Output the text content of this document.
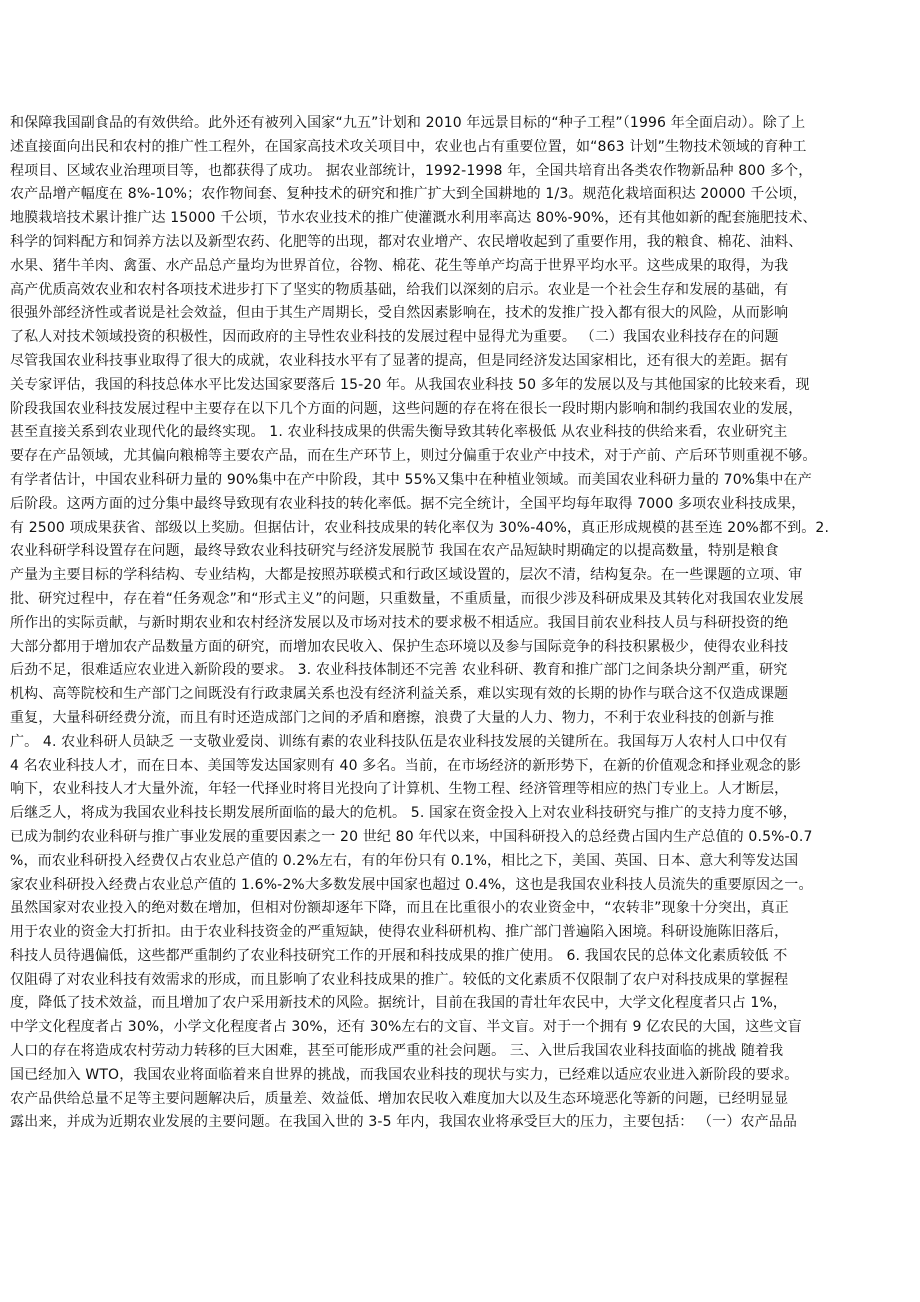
和保障我国副食品的有效供给。此外还有被列入国家“九五”计划和 2010 年远景目标的“种子工程”（1996 年全面启动）。除了上
述直接面向出民和农村的推广性工程外，在国家高技术攻关项目中，农业也占有重要位置，如“863 计划”生物技术领域的育种工
程项目、区域农业治理项目等，也都获得了成功。 据农业部统计，1992-1998 年，全国共培育出各类农作物新品种 800 多个，
农产品增产幅度在 8%-10%；农作物间套、复种技术的研究和推广扩大到全国耕地的 1/3。规范化栽培面积达 20000 千公顷，
地膜栽培技术累计推广达 15000 千公顷，节水农业技术的推广使灌溉水利用率高达 80%-90%，还有其他如新的配套施肥技术、
科学的饲料配方和饲养方法以及新型农药、化肥等的出现，都对农业增产、农民增收起到了重要作用，我的粮食、棉花、油料、
水果、猪牛羊肉、禽蛋、水产品总产量均为世界首位，谷物、棉花、花生等单产均高于世界平均水平。这些成果的取得，为我
高产优质高效农业和农村各项技术进步打下了坚实的物质基础，给我们以深刻的启示。农业是一个社会生存和发展的基础，有
很强外部经济性或者说是社会效益，但由于其生产周期长，受自然因素影响在，技术的发推广投入都有很大的风险，从而影响
了私人对技术领域投资的积极性，因而政府的主导性农业科技的发展过程中显得尤为重要。 （二）我国农业科技存在的问题
尽管我国农业科技事业取得了很大的成就，农业科技水平有了显著的提高，但是同经济发达国家相比，还有很大的差距。据有
关专家评估，我国的科技总体水平比发达国家要落后 15-20 年。从我国农业科技 50 多年的发展以及与其他国家的比较来看，现
阶段我国农业科技发展过程中主要存在以下几个方面的问题，这些问题的存在将在很长一段时期内影响和制约我国农业的发展，
甚至直接关系到农业现代化的最终实现。 1. 农业科技成果的供需失衡导致其转化率极低 从农业科技的供给来看，农业研究主
要存在产品领域，尤其偏向粮棉等主要农产品，而在生产环节上，则过分偏重于农业产中技术，对于产前、产后环节则重视不够。
有学者估计，中国农业科研力量的 90%集中在产中阶段，其中 55%又集中在种植业领域。而美国农业科研力量的 70%集中在产
后阶段。这两方面的过分集中最终导致现有农业科技的转化率低。据不完全统计，全国平均每年取得 7000 多项农业科技成果，
有 2500 项成果获省、部级以上奖励。但据估计，农业科技成果的转化率仅为 30%-40%，真正形成规模的甚至连 20%都不到。2.
农业科研学科设置存在问题，最终导致农业科技研究与经济发展脱节 我国在农产品短缺时期确定的以提高数量，特别是粮食
产量为主要目标的学科结构、专业结构，大都是按照苏联模式和行政区域设置的，层次不清，结构复杂。在一些课题的立项、审
批、研究过程中，存在着“任务观念”和“形式主义”的问题，只重数量，不重质量，而很少涉及科研成果及其转化对我国农业发展
所作出的实际贡献，与新时期农业和农村经济发展以及市场对技术的要求极不相适应。我国目前农业科技人员与科研投资的绝
大部分都用于增加农产品数量方面的研究，而增加农民收入、保护生态环境以及参与国际竞争的科技积累极少，使得农业科技
后劲不足，很难适应农业进入新阶段的要求。 3. 农业科技体制还不完善 农业科研、教育和推广部门之间条块分割严重，研究
机构、高等院校和生产部门之间既没有行政隶属关系也没有经济利益关系，难以实现有效的长期的协作与联合这不仅造成课题
重复，大量科研经费分流，而且有时还造成部门之间的矛盾和磨擦，浪费了大量的人力、物力，不利于农业科技的创新与推
广。 4. 农业科研人员缺乏 一支敬业爱岗、训练有素的农业科技队伍是农业科技发展的关键所在。我国每万人农村人口中仅有
4 名农业科技人才，而在日本、美国等发达国家则有 40 多名。当前，在市场经济的新形势下，在新的价值观念和择业观念的影
响下，农业科技人才大量外流，年轻一代择业时将目光投向了计算机、生物工程、经济管理等相应的热门专业上。人才断层，
后继乏人，将成为我国农业科技长期发展所面临的最大的危机。 5. 国家在资金投入上对农业科技研究与推广的支持力度不够，
已成为制约农业科研与推广事业发展的重要因素之一 20 世纪 80 年代以来，中国科研投入的总经费占国内生产总值的 0.5%-0.7
%，而农业科研投入经费仅占农业总产值的 0.2%左右，有的年份只有 0.1%，相比之下，美国、英国、日本、意大利等发达国
家农业科研投入经费占农业总产值的 1.6%-2%大多数发展中国家也超过 0.4%，这也是我国农业科技人员流失的重要原因之一。
虽然国家对农业投入的绝对数在增加，但相对份额却逐年下降，而且在比重很小的农业资金中，“农转非”现象十分突出，真正
用于农业的资金大打折扣。由于农业科技资金的严重短缺，使得农业科研机构、推广部门普遍陷入困境。科研设施陈旧落后，
科技人员待遇偏低，这些都严重制约了农业科技研究工作的开展和科技成果的推广使用。 6. 我国农民的总体文化素质较低 不
仅阻碍了对农业科技有效需求的形成，而且影响了农业科技成果的推广。较低的文化素质不仅限制了农户对科技成果的掌握程
度，降低了技术效益，而且增加了农户采用新技术的风险。据统计，目前在我国的青壮年农民中，大学文化程度者只占 1%，
中学文化程度者占 30%，小学文化程度者占 30%，还有 30%左右的文盲、半文盲。对于一个拥有 9 亿农民的大国，这些文盲
人口的存在将造成农村劳动力转移的巨大困难，甚至可能形成严重的社会问题。 三、入世后我国农业科技面临的挑战 随着我
国已经加入 WTO，我国农业将面临着来自世界的挑战，而我国农业科技的现状与实力，已经难以适应农业进入新阶段的要求。
农产品供给总量不足等主要问题解决后，质量差、效益低、增加农民收入难度加大以及生态环境恶化等新的问题，已经明显显
露出来，并成为近期农业发展的主要问题。在我国入世的 3-5 年内，我国农业将承受巨大的压力，主要包括： （一）农产品品
